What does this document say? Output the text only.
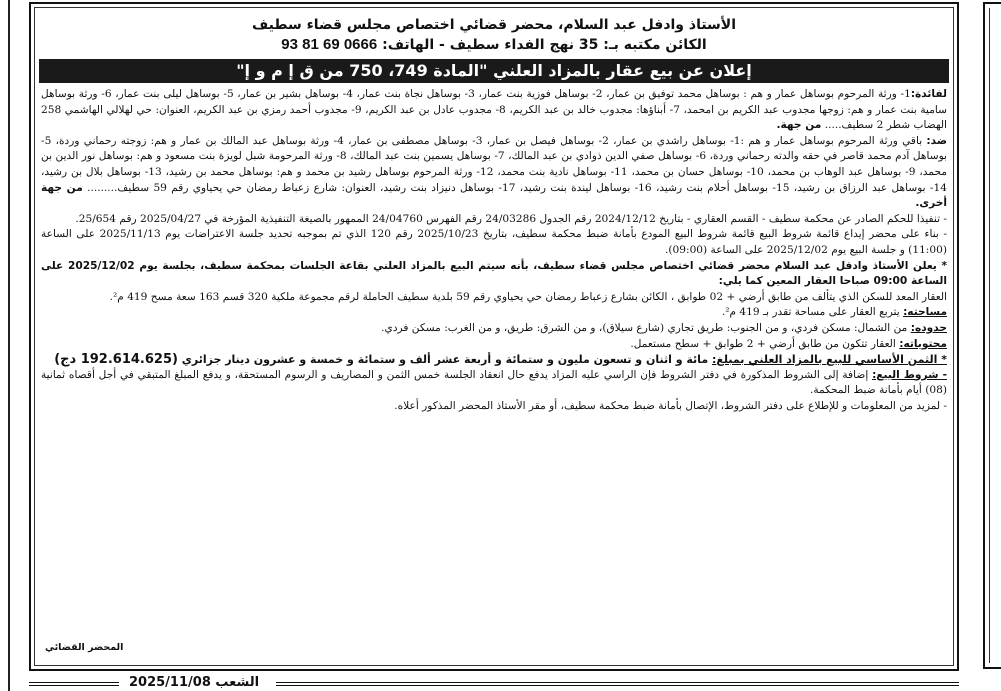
الأستاذ وادفل عبد السلام، محضر قضائي اختصاص مجلس قضاء سطيف
الكائن مكتبه بـ: 35 نهج الفداء سطيف - الهاتف: 0666 69 81 93
إعلان عن بيع عقار بالمزاد العلني "المادة 749، 750 من ق إ م و إ"

لفائدة:1- ورثة المرحوم بوساهل عمار و هم : بوساهل محمد توفيق بن عمار، 2- بوساهل فوزية بنت عمار، 3- بوساهل نجاة بنت عمار، 4- بوساهل بشير بن عمار، 5- بوساهل ليلى بنت عمار، 6- ورثة بوساهل سامية بنت عمار و هم: زوجها مجدوب عبد الكريم بن امحمد، 7- أبناؤها: مجدوب خالد بن عبد الكريم، 8- مجدوب عادل بن عبد الكريم، 9- مجدوب أحمد رمزي بن عبد الكريم، العنوان: حي لهلالي الهاشمي 258 الهضاب شطر 2 سطيف..... من جهة.

ضد: باقي ورثة المرحوم بوساهل عمار و هم :1- بوساهل راشدي بن عمار، 2- بوساهل فيصل بن عمار، 3- بوساهل مصطفى بن عمار، 4- ورثة بوساهل عبد المالك بن عمار و هم: زوجته رحماني وردة، 5- بوساهل آدم محمد قاصر في حقه والدته رحماني وردة، 6- بوساهل صفي الدين ذوادي بن عبد المالك، 7- بوساهل يسمين بنت عبد المالك، 8- ورثة المرحومة شبل لويزة بنت مسعود و هم: بوساهل نور الدين بن محمد، 9- بوساهل عبد الوهاب بن محمد، 10- بوساهل حسان بن محمد، 11- بوساهل نادية بنت محمد، 12- ورثة المرحوم بوساهل رشيد بن محمد و هم: بوساهل محمد بن رشيد، 13- بوساهل بلال بن رشيد، 14- بوساهل عبد الرزاق بن رشيد، 15- بوساهل أحلام بنت رشيد، 16- بوساهل ليندة بنت رشيد، 17- بوساهل دنيزاد بنت رشيد، العنوان: شارع زعباط رمضان حي يحياوي رقم 59 سطيف......... من جهة أخرى.

- تنفيذا للحكم الصادر عن محكمة سطيف - القسم العقاري - بتاريخ 2024/12/12 رقم الجدول 24/03286 رقم الفهرس 24/04760 الممهور بالصيغة التنفيذية المؤرخة في 2025/04/27 رقم 25/654.

- بناء على محضر إيداع قائمة شروط البيع قائمة شروط البيع المودع بأمانة ضبط محكمة سطيف، بتاريخ 2025/10/23 رقم 120 الذي تم بموجبه تحديد جلسة الاعتراضات يوم 2025/11/13 على الساعة (11:00) و جلسة البيع يوم 2025/12/02 على الساعة (09:00).

* يعلن الأستاذ وادفل عبد السلام محضر قضائي اختصاص مجلس قضاء سطيف، بأنه سيتم البيع بالمزاد العلني بقاعة الجلسات بمحكمة سطيف، بجلسة يوم 2025/12/02 على الساعة 09:00 صباحا العقار المعين كما يلي:

العقار المعد للسكن الذي يتألف من طابق أرضي + 02 طوابق ، الكائن بشارع زعباط رمضان حي يحياوي رقم 59 بلدية سطيف الحاملة لرقم مجموعة ملكية 320 قسم 163 سعة مسح 419 م².

مساحته: يتربع العقار على مساحة تقدر بـ 419 م².

حدوده: من الشمال: مسكن فردي، و من الجنوب: طريق تجاري (شارع سيلاق)، و من الشرق: طريق، و من الغرب: مسكن فردي.

محتوياته: العقار تتكون من طابق أرضي + 2 طوابق + سطح مستعمل.

* الثمن الأساسي للبيع بالمزاد العلني بمبلغ: مائة و اثنان و تسعون مليون و ستمائة و أربعة عشر ألف و ستمائة و خمسة و عشرون دينار جزائري (192.614.625 دج)

- شروط البيع: إضافة إلى الشروط المذكورة في دفتر الشروط فإن الراسي عليه المزاد يدفع حال انعقاد الجلسة خمس الثمن و المصاريف و الرسوم المستحقة، و يدفع المبلغ المتبقي في أجل أقصاه ثمانية (08) أيام بأمانة ضبط المحكمة.

- لمزيد من المعلومات و للإطلاع على دفتر الشروط، الإتصال بأمانة ضبط محكمة سطيف، أو مقر الأستاذ المحضر المذكور أعلاه.

المحضر القضائي
الشعب 2025/11/08
